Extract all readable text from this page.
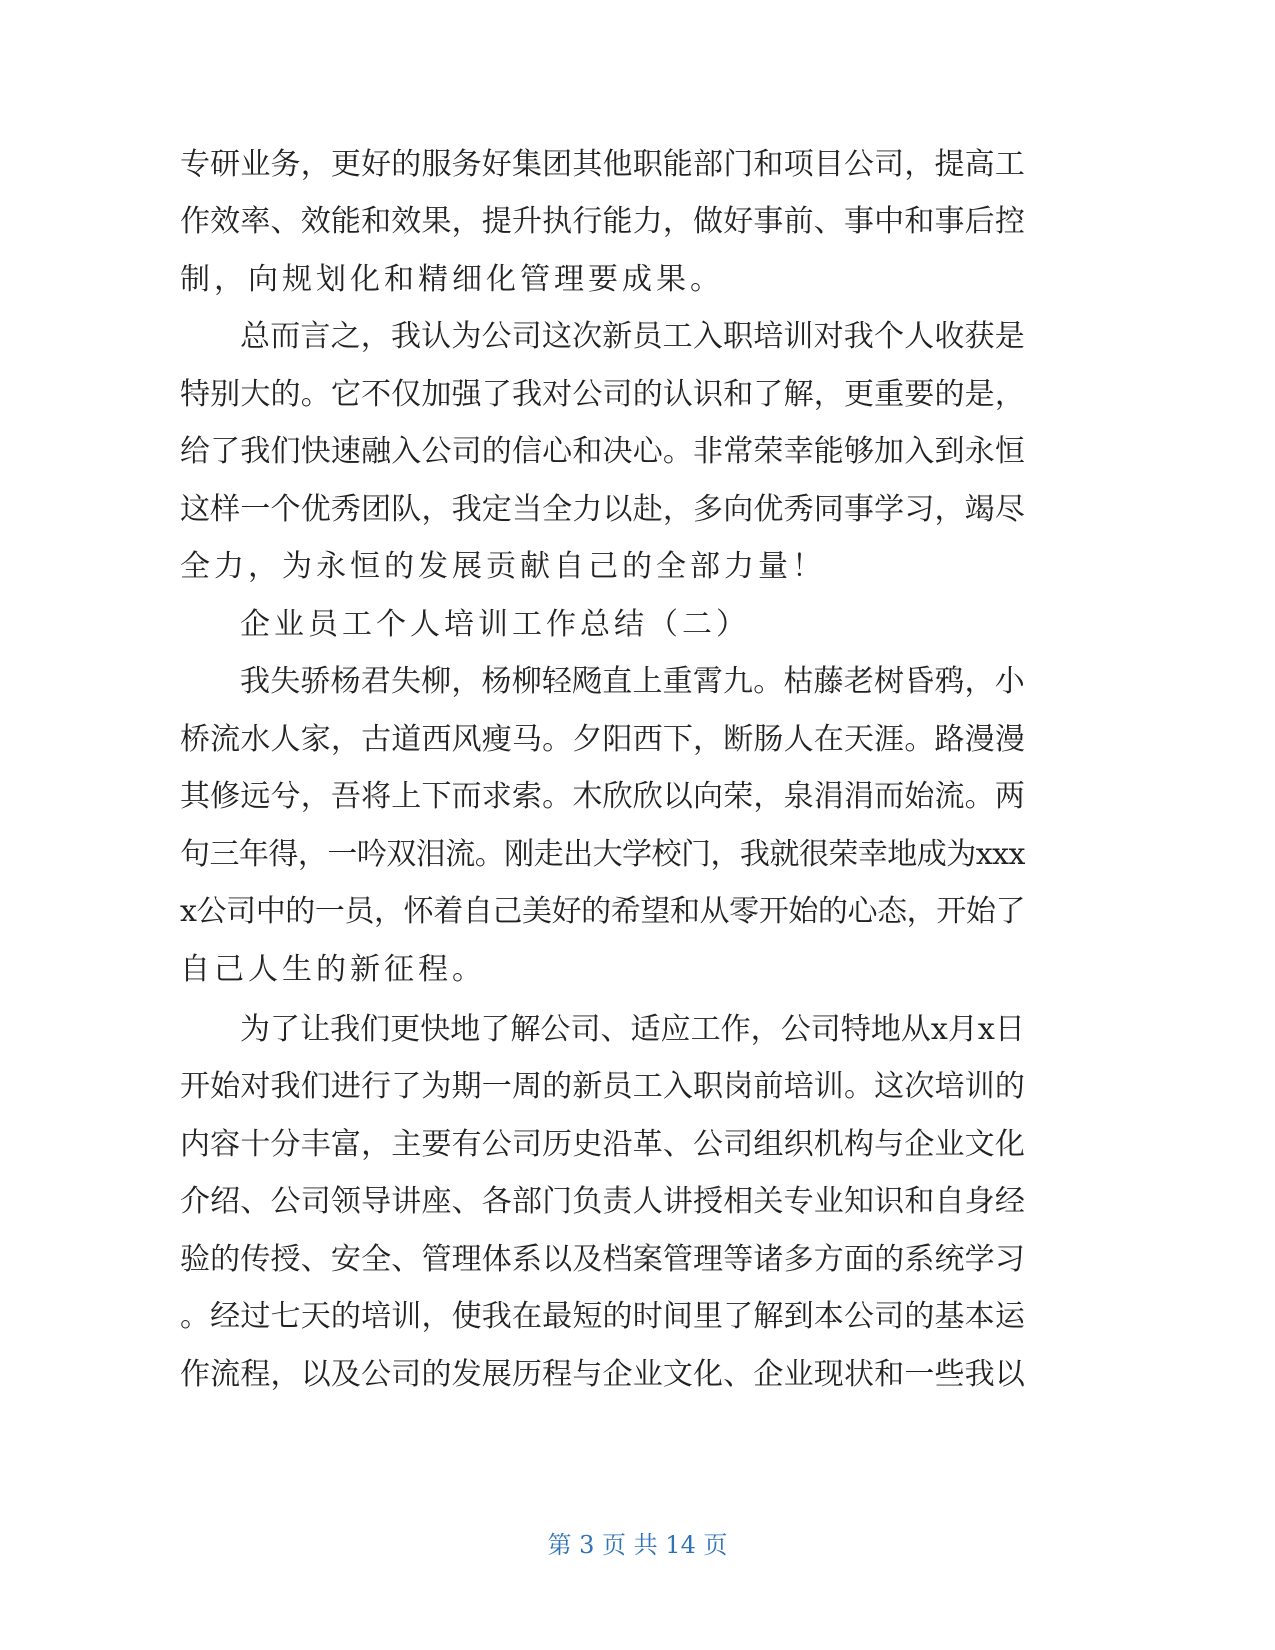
专研业务，更好的服务好集团其他职能部门和项目公司，提高工
作效率、效能和效果，提升执行能力，做好事前、事中和事后控
制，向规划化和精细化管理要成果。
总而言之，我认为公司这次新员工入职培训对我个人收获是
特别大的。它不仅加强了我对公司的认识和了解，更重要的是，
给了我们快速融入公司的信心和决心。非常荣幸能够加入到永恒
这样一个优秀团队，我定当全力以赴，多向优秀同事学习，竭尽
全力，为永恒的发展贡献自己的全部力量！
企业员工个人培训工作总结（二）
我失骄杨君失柳，杨柳轻飏直上重霄九。枯藤老树昏鸦，小
桥流水人家，古道西风瘦马。夕阳西下，断肠人在天涯。路漫漫
其修远兮，吾将上下而求索。木欣欣以向荣，泉涓涓而始流。两
句三年得，一吟双泪流。刚走出大学校门，我就很荣幸地成为xxx
x公司中的一员，怀着自己美好的希望和从零开始的心态，开始了
自己人生的新征程。
为了让我们更快地了解公司、适应工作，公司特地从x月x日
开始对我们进行了为期一周的新员工入职岗前培训。这次培训的
内容十分丰富，主要有公司历史沿革、公司组织机构与企业文化
介绍、公司领导讲座、各部门负责人讲授相关专业知识和自身经
验的传授、安全、管理体系以及档案管理等诸多方面的系统学习
。经过七天的培训，使我在最短的时间里了解到本公司的基本运
作流程，以及公司的发展历程与企业文化、企业现状和一些我以
第 3 页 共 14 页
